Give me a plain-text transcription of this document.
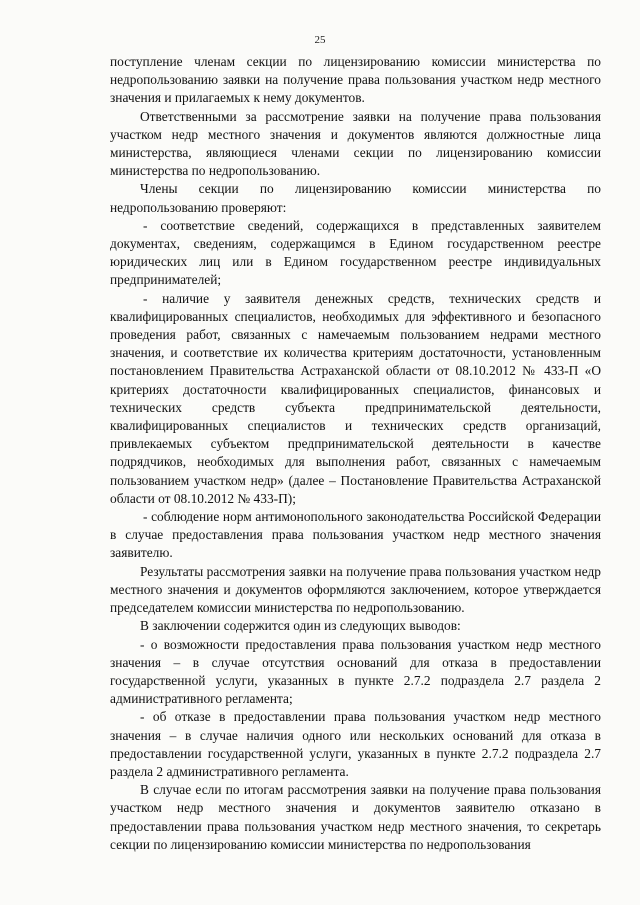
25

поступление членам секции по лицензированию комиссии министерства по недропользованию заявки на получение права пользования участком недр местного значения и прилагаемых к нему документов.

Ответственными за рассмотрение заявки на получение права пользования участком недр местного значения и документов являются должностные лица министерства, являющиеся членами секции по лицензированию комиссии министерства по недропользованию.

Члены секции по лицензированию комиссии министерства по недропользованию проверяют:

- соответствие сведений, содержащихся в представленных заявителем документах, сведениям, содержащимся в Едином государственном реестре юридических лиц или в Едином государственном реестре индивидуальных предпринимателей;

- наличие у заявителя денежных средств, технических средств и квалифицированных специалистов, необходимых для эффективного и безопасного проведения работ, связанных с намечаемым пользованием недрами местного значения, и соответствие их количества критериям достаточности, установленным постановлением Правительства Астраханской области от 08.10.2012 № 433-П «О критериях достаточности квалифицированных специалистов, финансовых и технических средств субъекта предпринимательской деятельности, квалифицированных специалистов и технических средств организаций, привлекаемых субъектом предпринимательской деятельности в качестве подрядчиков, необходимых для выполнения работ, связанных с намечаемым пользованием участком недр» (далее – Постановление Правительства Астраханской области от 08.10.2012 № 433-П);

- соблюдение норм антимонопольного законодательства Российской Федерации в случае предоставления права пользования участком недр местного значения заявителю.

Результаты рассмотрения заявки на получение права пользования участком недр местного значения и документов оформляются заключением, которое утверждается председателем комиссии министерства по недропользованию.

В заключении содержится один из следующих выводов:

- о возможности предоставления права пользования участком недр местного значения – в случае отсутствия оснований для отказа в предоставлении государственной услуги, указанных в пункте 2.7.2 подраздела 2.7 раздела 2 административного регламента;

- об отказе в предоставлении права пользования участком недр местного значения – в случае наличия одного или нескольких оснований для отказа в предоставлении государственной услуги, указанных в пункте 2.7.2 подраздела 2.7 раздела 2 административного регламента.

В случае если по итогам рассмотрения заявки на получение права пользования участком недр местного значения и документов заявителю отказано в предоставлении права пользования участком недр местного значения, то секретарь секции по лицензированию комиссии министерства по недропользования
